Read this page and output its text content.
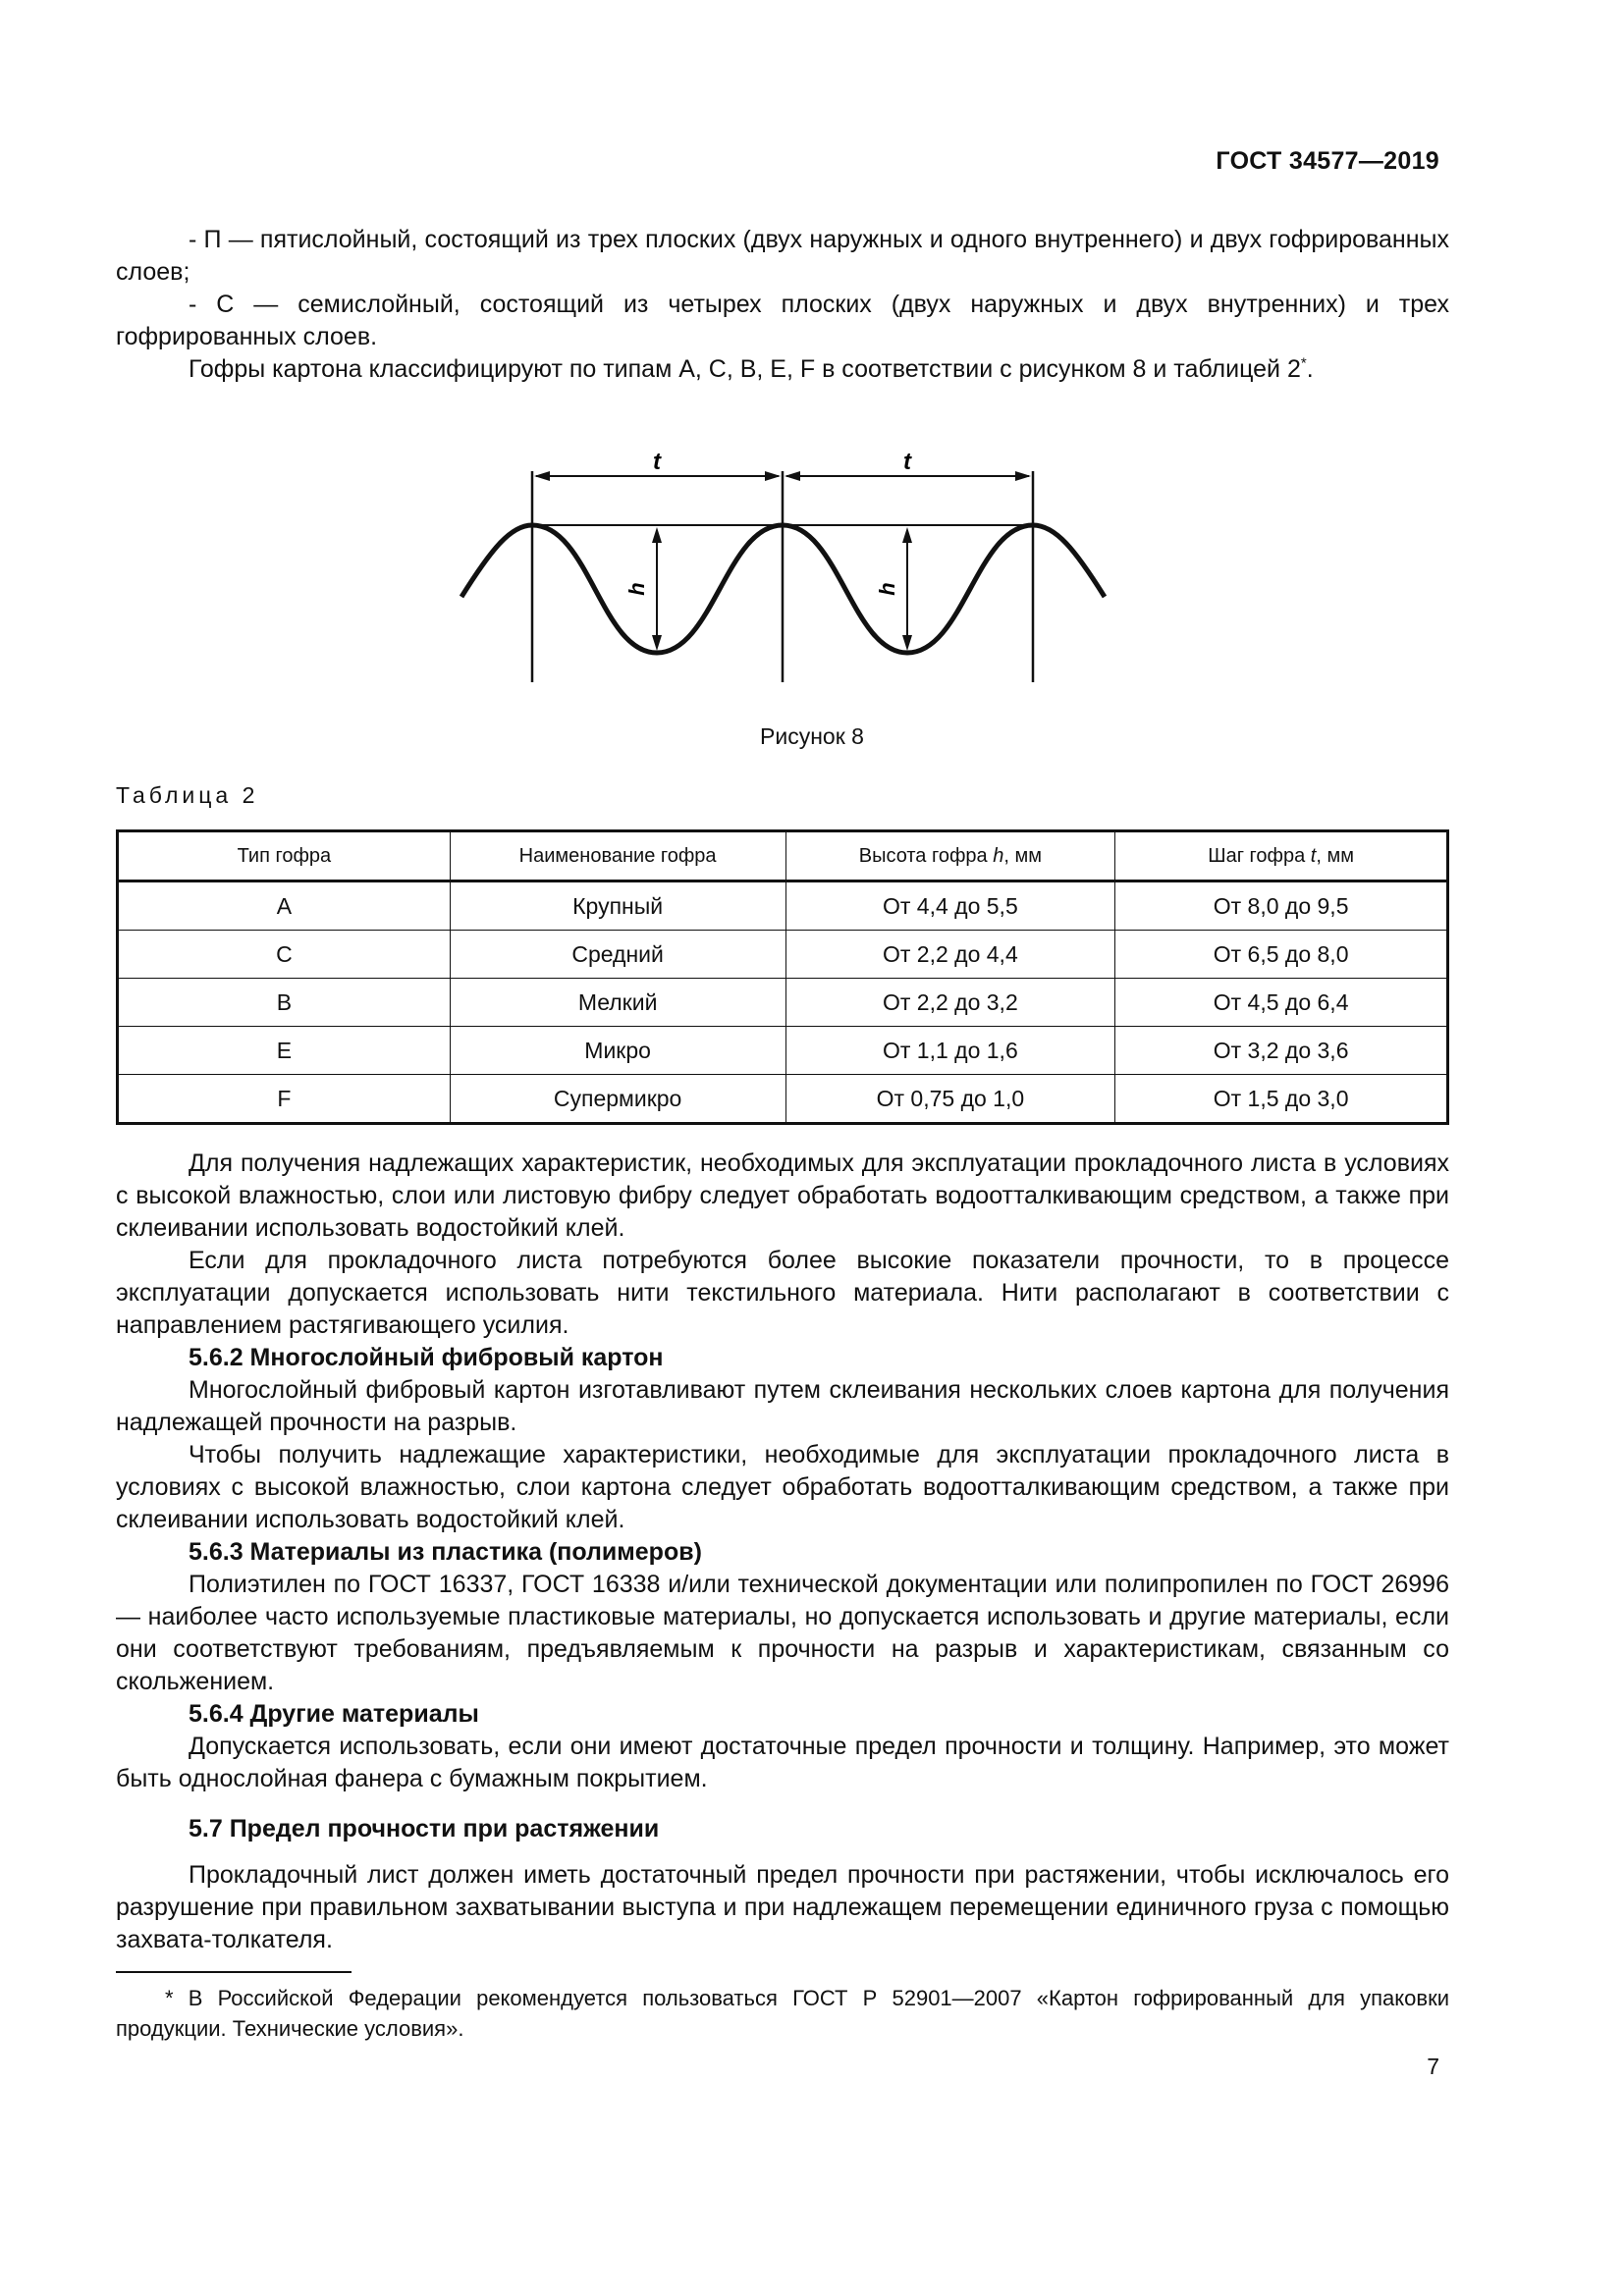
ГОСТ 34577—2019

- П — пятислойный, состоящий из трех плоских (двух наружных и одного внутреннего) и двух гофрированных слоев;

- С — семислойный, состоящий из четырех плоских (двух наружных и двух внутренних) и трех гофрированных слоев.

Гофры картона классифицируют по типам А, С, В, Е, F в соответствии с рисунком 8 и таблицей 2*.

t	t
h	h
Рисунок 8
Таблица 2
Тип гофра	Наименование гофра	Высота гофра h, мм	Шаг гофра t, мм
A	Крупный	От 4,4 до 5,5	От 8,0 до 9,5
C	Средний	От 2,2 до 4,4	От 6,5 до 8,0
B	Мелкий	От 2,2 до 3,2	От 4,5 до 6,4
E	Микро	От 1,1 до 1,6	От 3,2 до 3,6
F	Супермикро	От 0,75 до 1,0	От 1,5 до 3,0

Для получения надлежащих характеристик, необходимых для эксплуатации прокладочного листа в условиях с высокой влажностью, слои или листовую фибру следует обработать водоотталкивающим средством, а также при склеивании использовать водостойкий клей.

Если для прокладочного листа потребуются более высокие показатели прочности, то в процессе эксплуатации допускается использовать нити текстильного материала. Нити располагают в соответствии с направлением растягивающего усилия.

5.6.2 Многослойный фибровый картон

Многослойный фибровый картон изготавливают путем склеивания нескольких слоев картона для получения надлежащей прочности на разрыв.

Чтобы получить надлежащие характеристики, необходимые для эксплуатации прокладочного листа в условиях с высокой влажностью, слои картона следует обработать водоотталкивающим средством, а также при склеивании использовать водостойкий клей.

5.6.3 Материалы из пластика (полимеров)

Полиэтилен по ГОСТ 16337, ГОСТ 16338 и/или технической документации или полипропилен по ГОСТ 26996 — наиболее часто используемые пластиковые материалы, но допускается использовать и другие материалы, если они соответствуют требованиям, предъявляемым к прочности на разрыв и характеристикам, связанным со скольжением.

5.6.4 Другие материалы

Допускается использовать, если они имеют достаточные предел прочности и толщину. Например, это может быть однослойная фанера с бумажным покрытием.

5.7 Предел прочности при растяжении

Прокладочный лист должен иметь достаточный предел прочности при растяжении, чтобы исключалось его разрушение при правильном захватывании выступа и при надлежащем перемещении единичного груза с помощью захвата-толкателя.

* В Российской Федерации рекомендуется пользоваться ГОСТ Р 52901—2007 «Картон гофрированный для упаковки продукции. Технические условия».
7
